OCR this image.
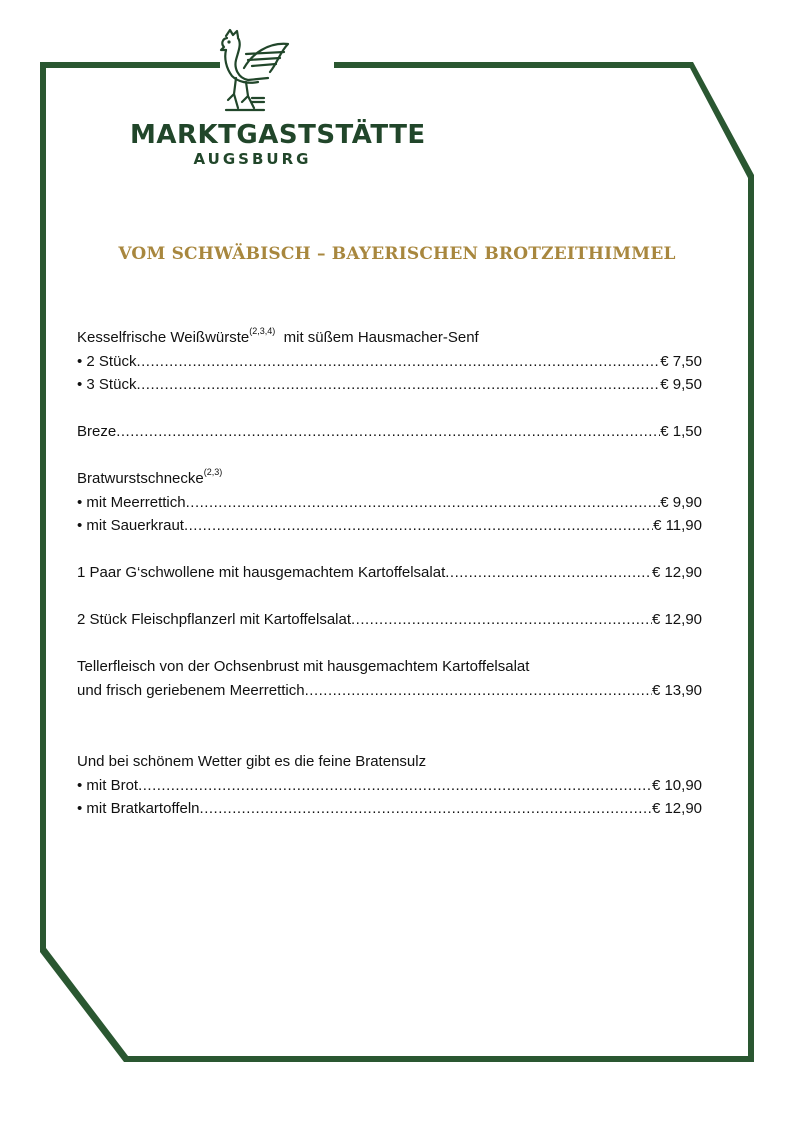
MARKTGASTSTÄTTE
AUGSBURG
VOM SCHWÄBISCH – BAYERISCHEN BROTZEITHIMMEL
Kesselfrische Weißwürste$^{(2,3,4)}$ mit süßem Hausmacher-Senf
• 2 Stück .....	€ 7,50
• 3 Stück .....	€ 9,50
Breze .....	€ 1,50
Bratwurstschnecke$^{(2,3)}$
• mit Meerrettich .....	€ 9,90
• mit Sauerkraut .....	€ 11,90
1 Paar G‘schwollene mit hausgemachtem Kartoffelsalat .....	€ 12,90
2 Stück Fleischpflanzerl mit Kartoffelsalat .....	€ 12,90
Tellerfleisch von der Ochsenbrust mit hausgemachtem Kartoffelsalat
und frisch geriebenem Meerrettich .....	€ 13,90
Und bei schönem Wetter gibt es die feine Bratensulz
• mit Brot .....	€ 10,90
• mit Bratkartoffeln .....	€ 12,90
